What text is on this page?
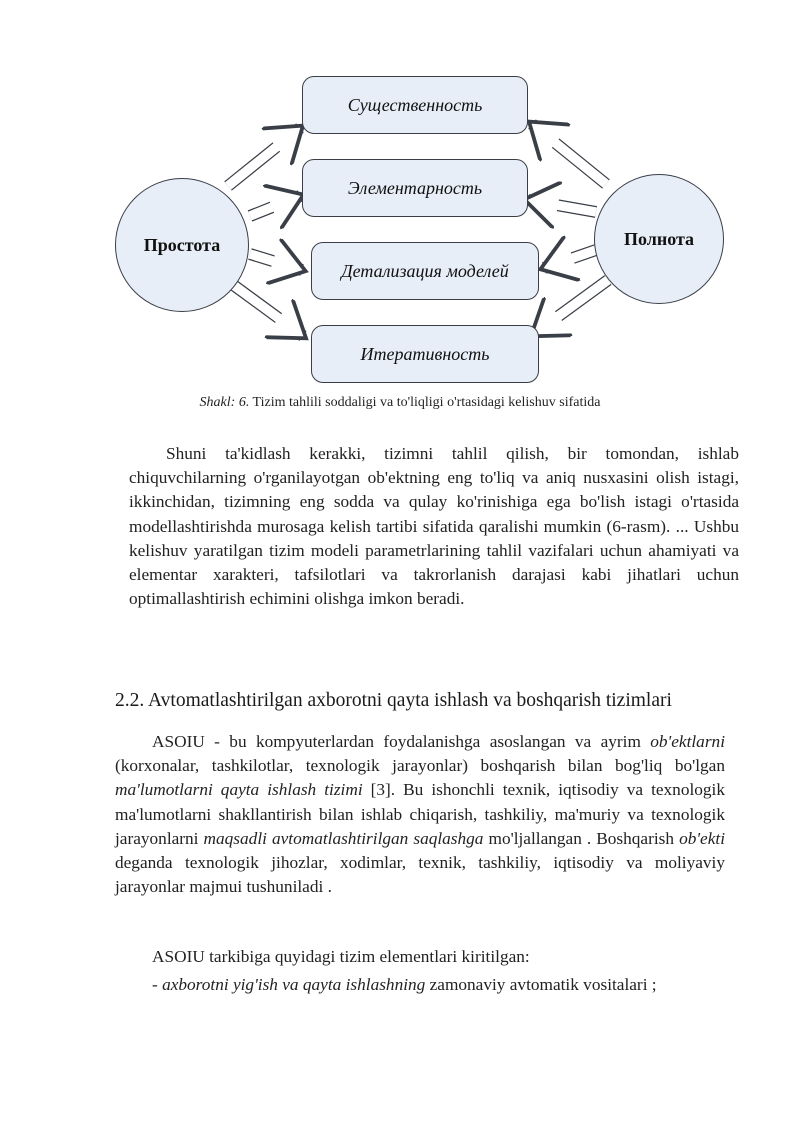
Существенность
Элементарность
Детализация моделей
Итеративность
Простота	Полнота
Shakl: 6. Tizim tahlili soddaligi va to'liqligi o'rtasidagi kelishuv sifatida

Shuni ta'kidlash kerakki, tizimni tahlil qilish, bir tomondan, ishlab chiquvchilarning o'rganilayotgan ob'ektning eng to'liq va aniq nusxasini olish istagi, ikkinchidan, tizimning eng sodda va qulay ko'rinishiga ega bo'lish istagi o'rtasida modellashtirishda murosaga kelish tartibi sifatida qaralishi mumkin (6-rasm). ... Ushbu kelishuv yaratilgan tizim modeli parametrlarining tahlil vazifalari uchun ahamiyati va elementar xarakteri, tafsilotlari va takrorlanish darajasi kabi jihatlari uchun optimallashtirish echimini olishga imkon beradi.

2.2. Avtomatlashtirilgan axborotni qayta ishlash va boshqarish tizimlari

ASOIU - bu kompyuterlardan foydalanishga asoslangan va ayrim ob'ektlarni (korxonalar, tashkilotlar, texnologik jarayonlar) boshqarish bilan bog'liq bo'lgan ma'lumotlarni qayta ishlash tizimi [3]. Bu ishonchli texnik, iqtisodiy va texnologik ma'lumotlarni shakllantirish bilan ishlab chiqarish, tashkiliy, ma'muriy va texnologik jarayonlarni maqsadli avtomatlashtirilgan saqlashga mo'ljallangan . Boshqarish ob'ekti deganda texnologik jihozlar, xodimlar, texnik, tashkiliy, iqtisodiy va moliyaviy jarayonlar majmui tushuniladi .

ASOIU tarkibiga quyidagi tizim elementlari kiritilgan:

- axborotni yig'ish va qayta ishlashning zamonaviy avtomatik vositalari ;
